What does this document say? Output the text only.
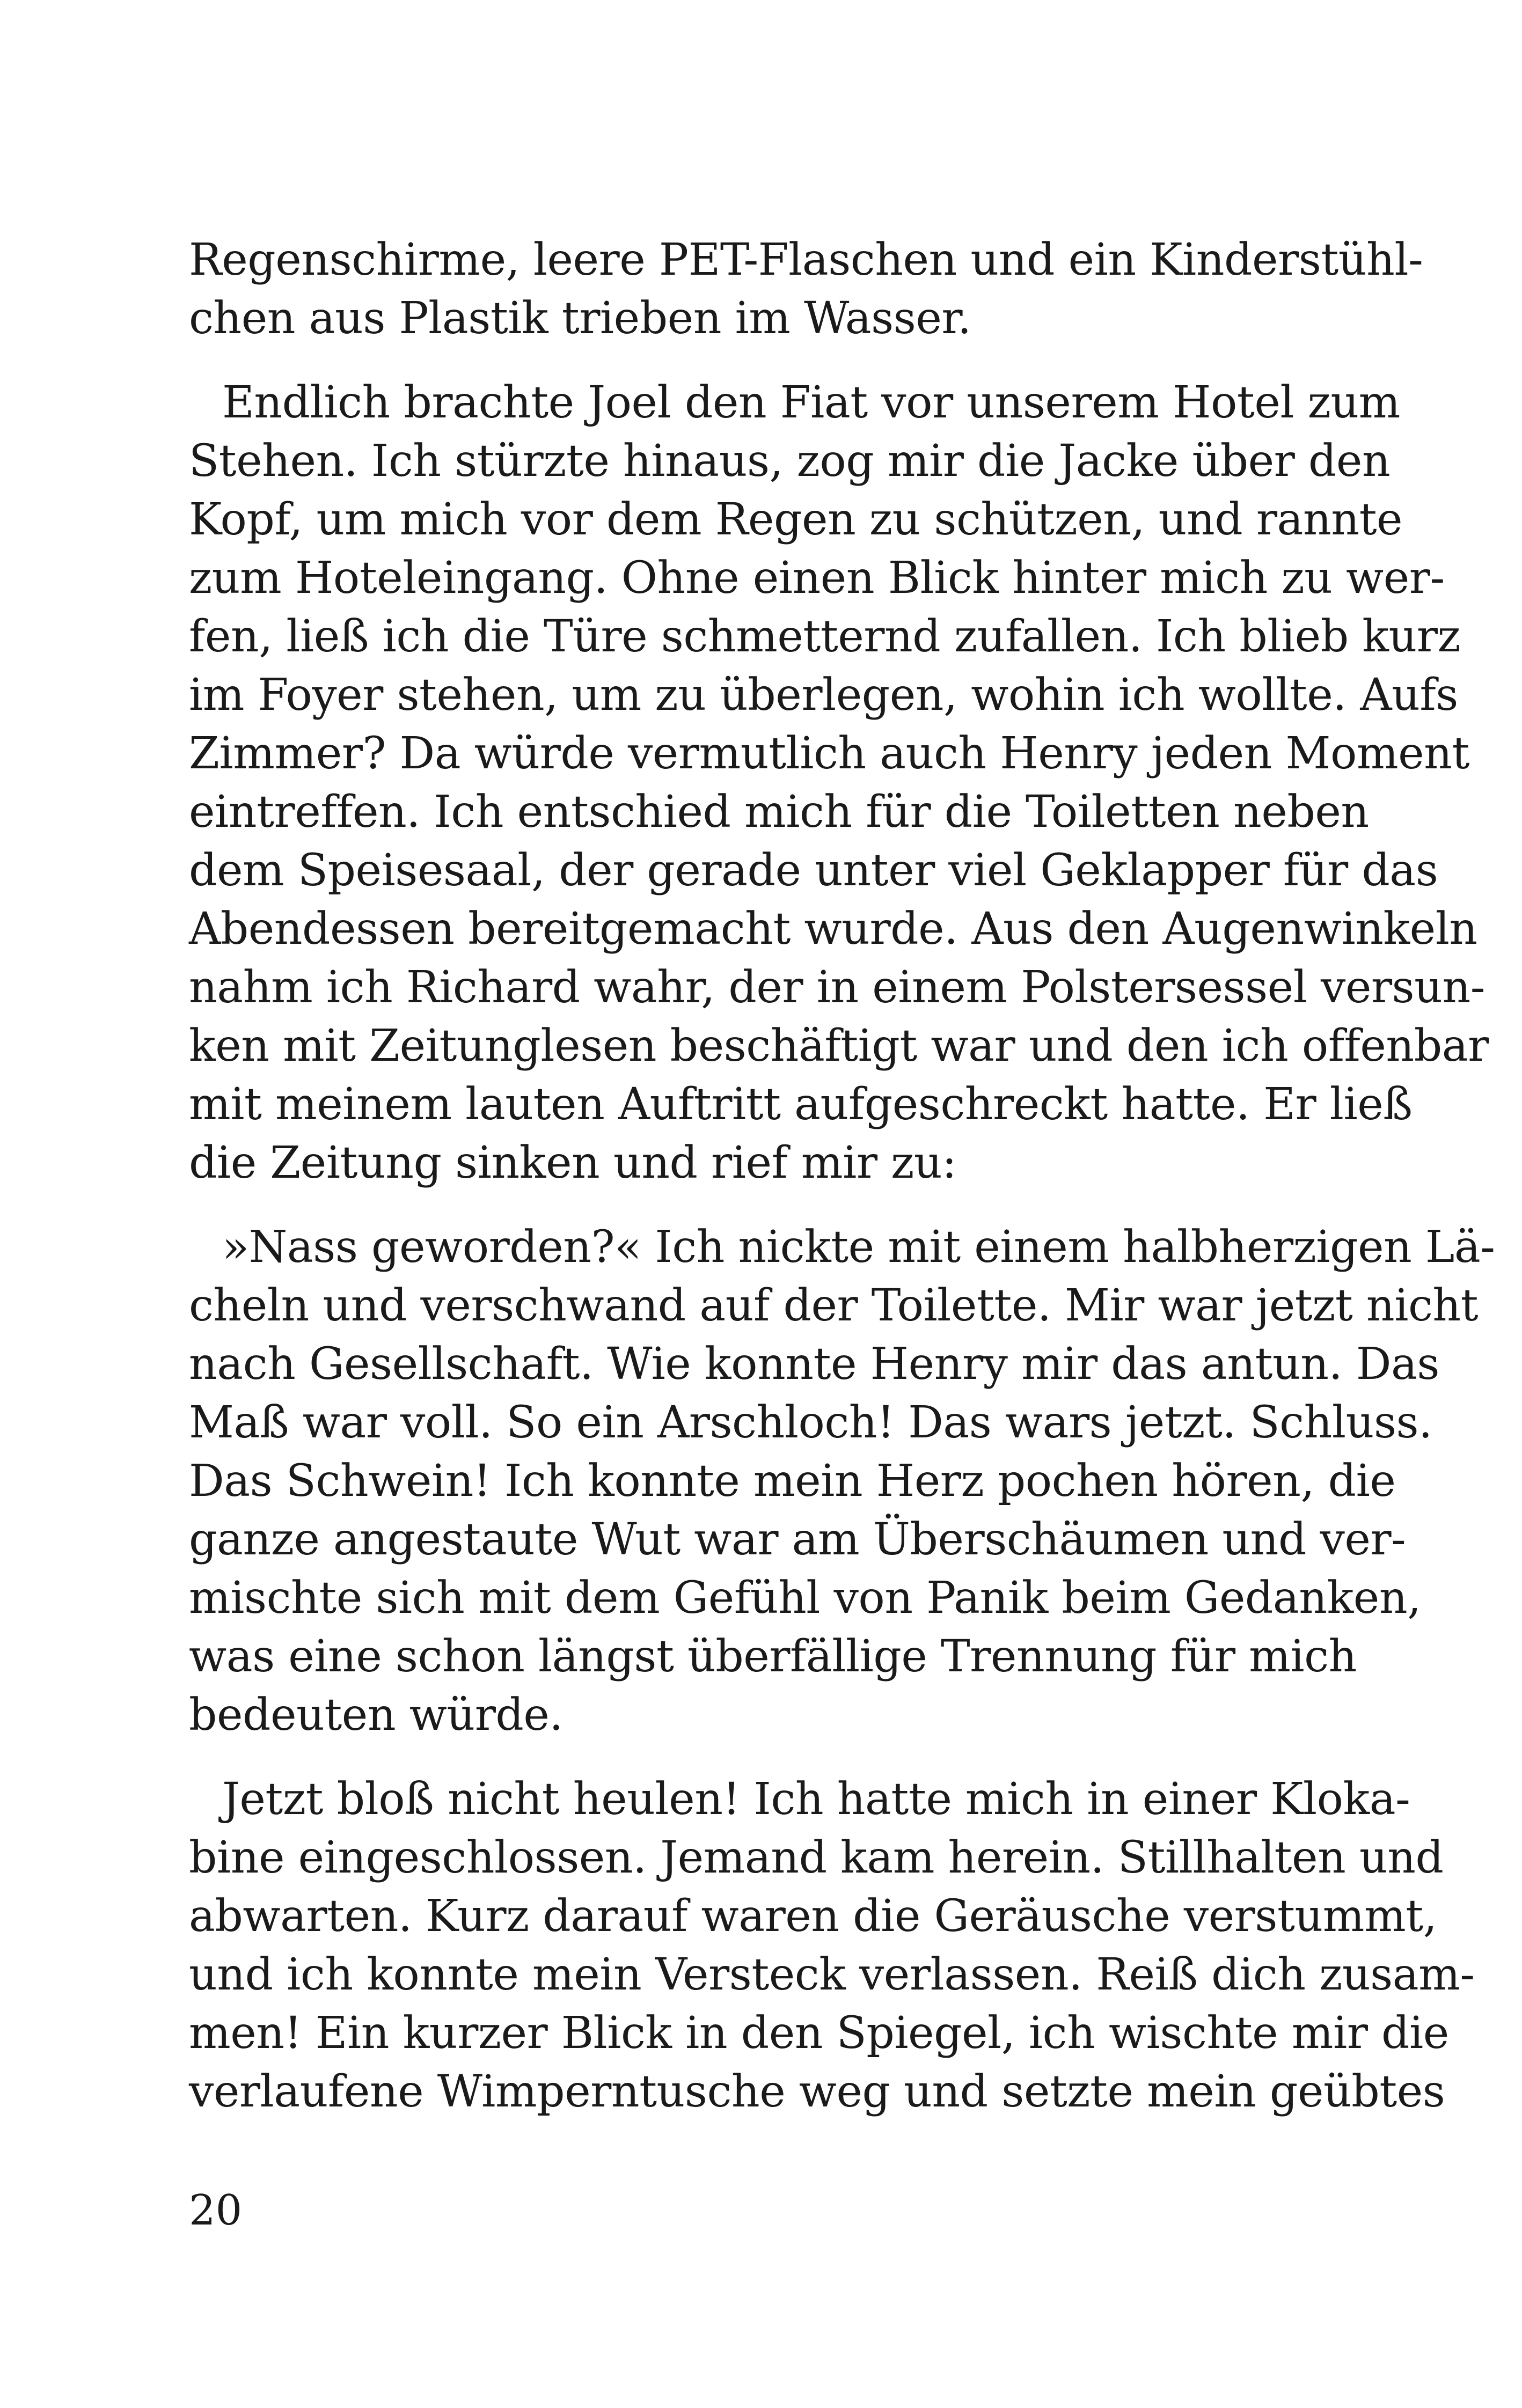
Regenschirme, leere PET-Flaschen und ein Kinderstühl-
chen aus Plastik trieben im Wasser.
Endlich brachte Joel den Fiat vor unserem Hotel zum
Stehen. Ich stürzte hinaus, zog mir die Jacke über den
Kopf, um mich vor dem Regen zu schützen, und rannte
zum Hoteleingang. Ohne einen Blick hinter mich zu wer-
fen, ließ ich die Türe schmetternd zufallen. Ich blieb kurz
im Foyer stehen, um zu überlegen, wohin ich wollte. Aufs
Zimmer? Da würde vermutlich auch Henry jeden Moment
eintreffen. Ich entschied mich für die Toiletten neben
dem Speisesaal, der gerade unter viel Geklapper für das
Abendessen bereitgemacht wurde. Aus den Augenwinkeln
nahm ich Richard wahr, der in einem Polstersessel versun-
ken mit Zeitunglesen beschäftigt war und den ich offenbar
mit meinem lauten Auftritt aufgeschreckt hatte. Er ließ
die Zeitung sinken und rief mir zu:
»Nass geworden?« Ich nickte mit einem halbherzigen Lä-
cheln und verschwand auf der Toilette. Mir war jetzt nicht
nach Gesellschaft. Wie konnte Henry mir das antun. Das
Maß war voll. So ein Arschloch! Das wars jetzt. Schluss.
Das Schwein! Ich konnte mein Herz pochen hören, die
ganze angestaute Wut war am Überschäumen und ver-
mischte sich mit dem Gefühl von Panik beim Gedanken,
was eine schon längst überfällige Trennung für mich
bedeuten würde.
Jetzt bloß nicht heulen! Ich hatte mich in einer Kloka-
bine eingeschlossen. Jemand kam herein. Stillhalten und
abwarten. Kurz darauf waren die Geräusche verstummt,
und ich konnte mein Versteck verlassen. Reiß dich zusam-
men! Ein kurzer Blick in den Spiegel, ich wischte mir die
verlaufene Wimperntusche weg und setzte mein geübtes
20
